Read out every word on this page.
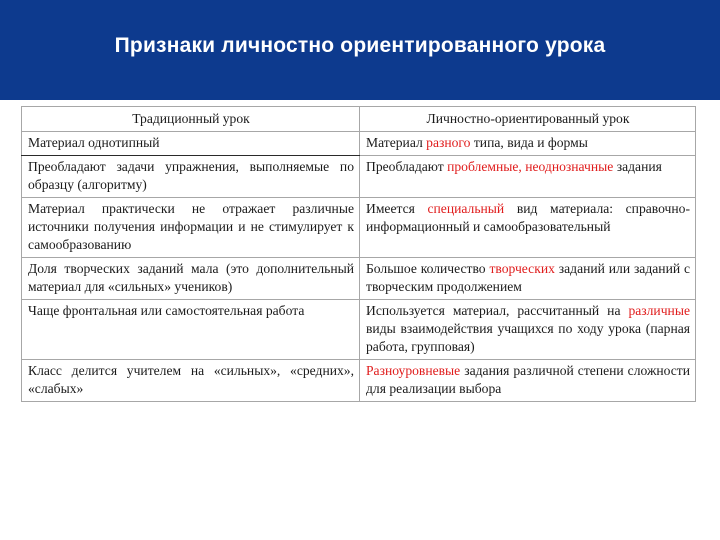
Признаки личностно ориентированного урока
Традиционный урок	Личностно-ориентированный урок
Материал однотипный	Материал разного типа, вида и формы
Преобладают задачи упражнения, выполняемые по образцу (алгоритму)	Преобладают проблемные, неоднозначные задания
Материал практически не отражает различные источники получения информации и не стимулирует к самообразованию	Имеется специальный вид материала: справочно-информационный и самообразовательный
Доля творческих заданий мала (это дополнительный материал для «сильных» учеников)	Большое количество творческих заданий или заданий с творческим продолжением
Чаще фронтальная или самостоятельная работа	Используется материал, рассчитанный на различные виды взаимодействия учащихся по ходу урока (парная работа, групповая)
Класс делится учителем на «сильных», «средних», «слабых»	Разноуровневые задания различной степени сложности для реализации выбора
